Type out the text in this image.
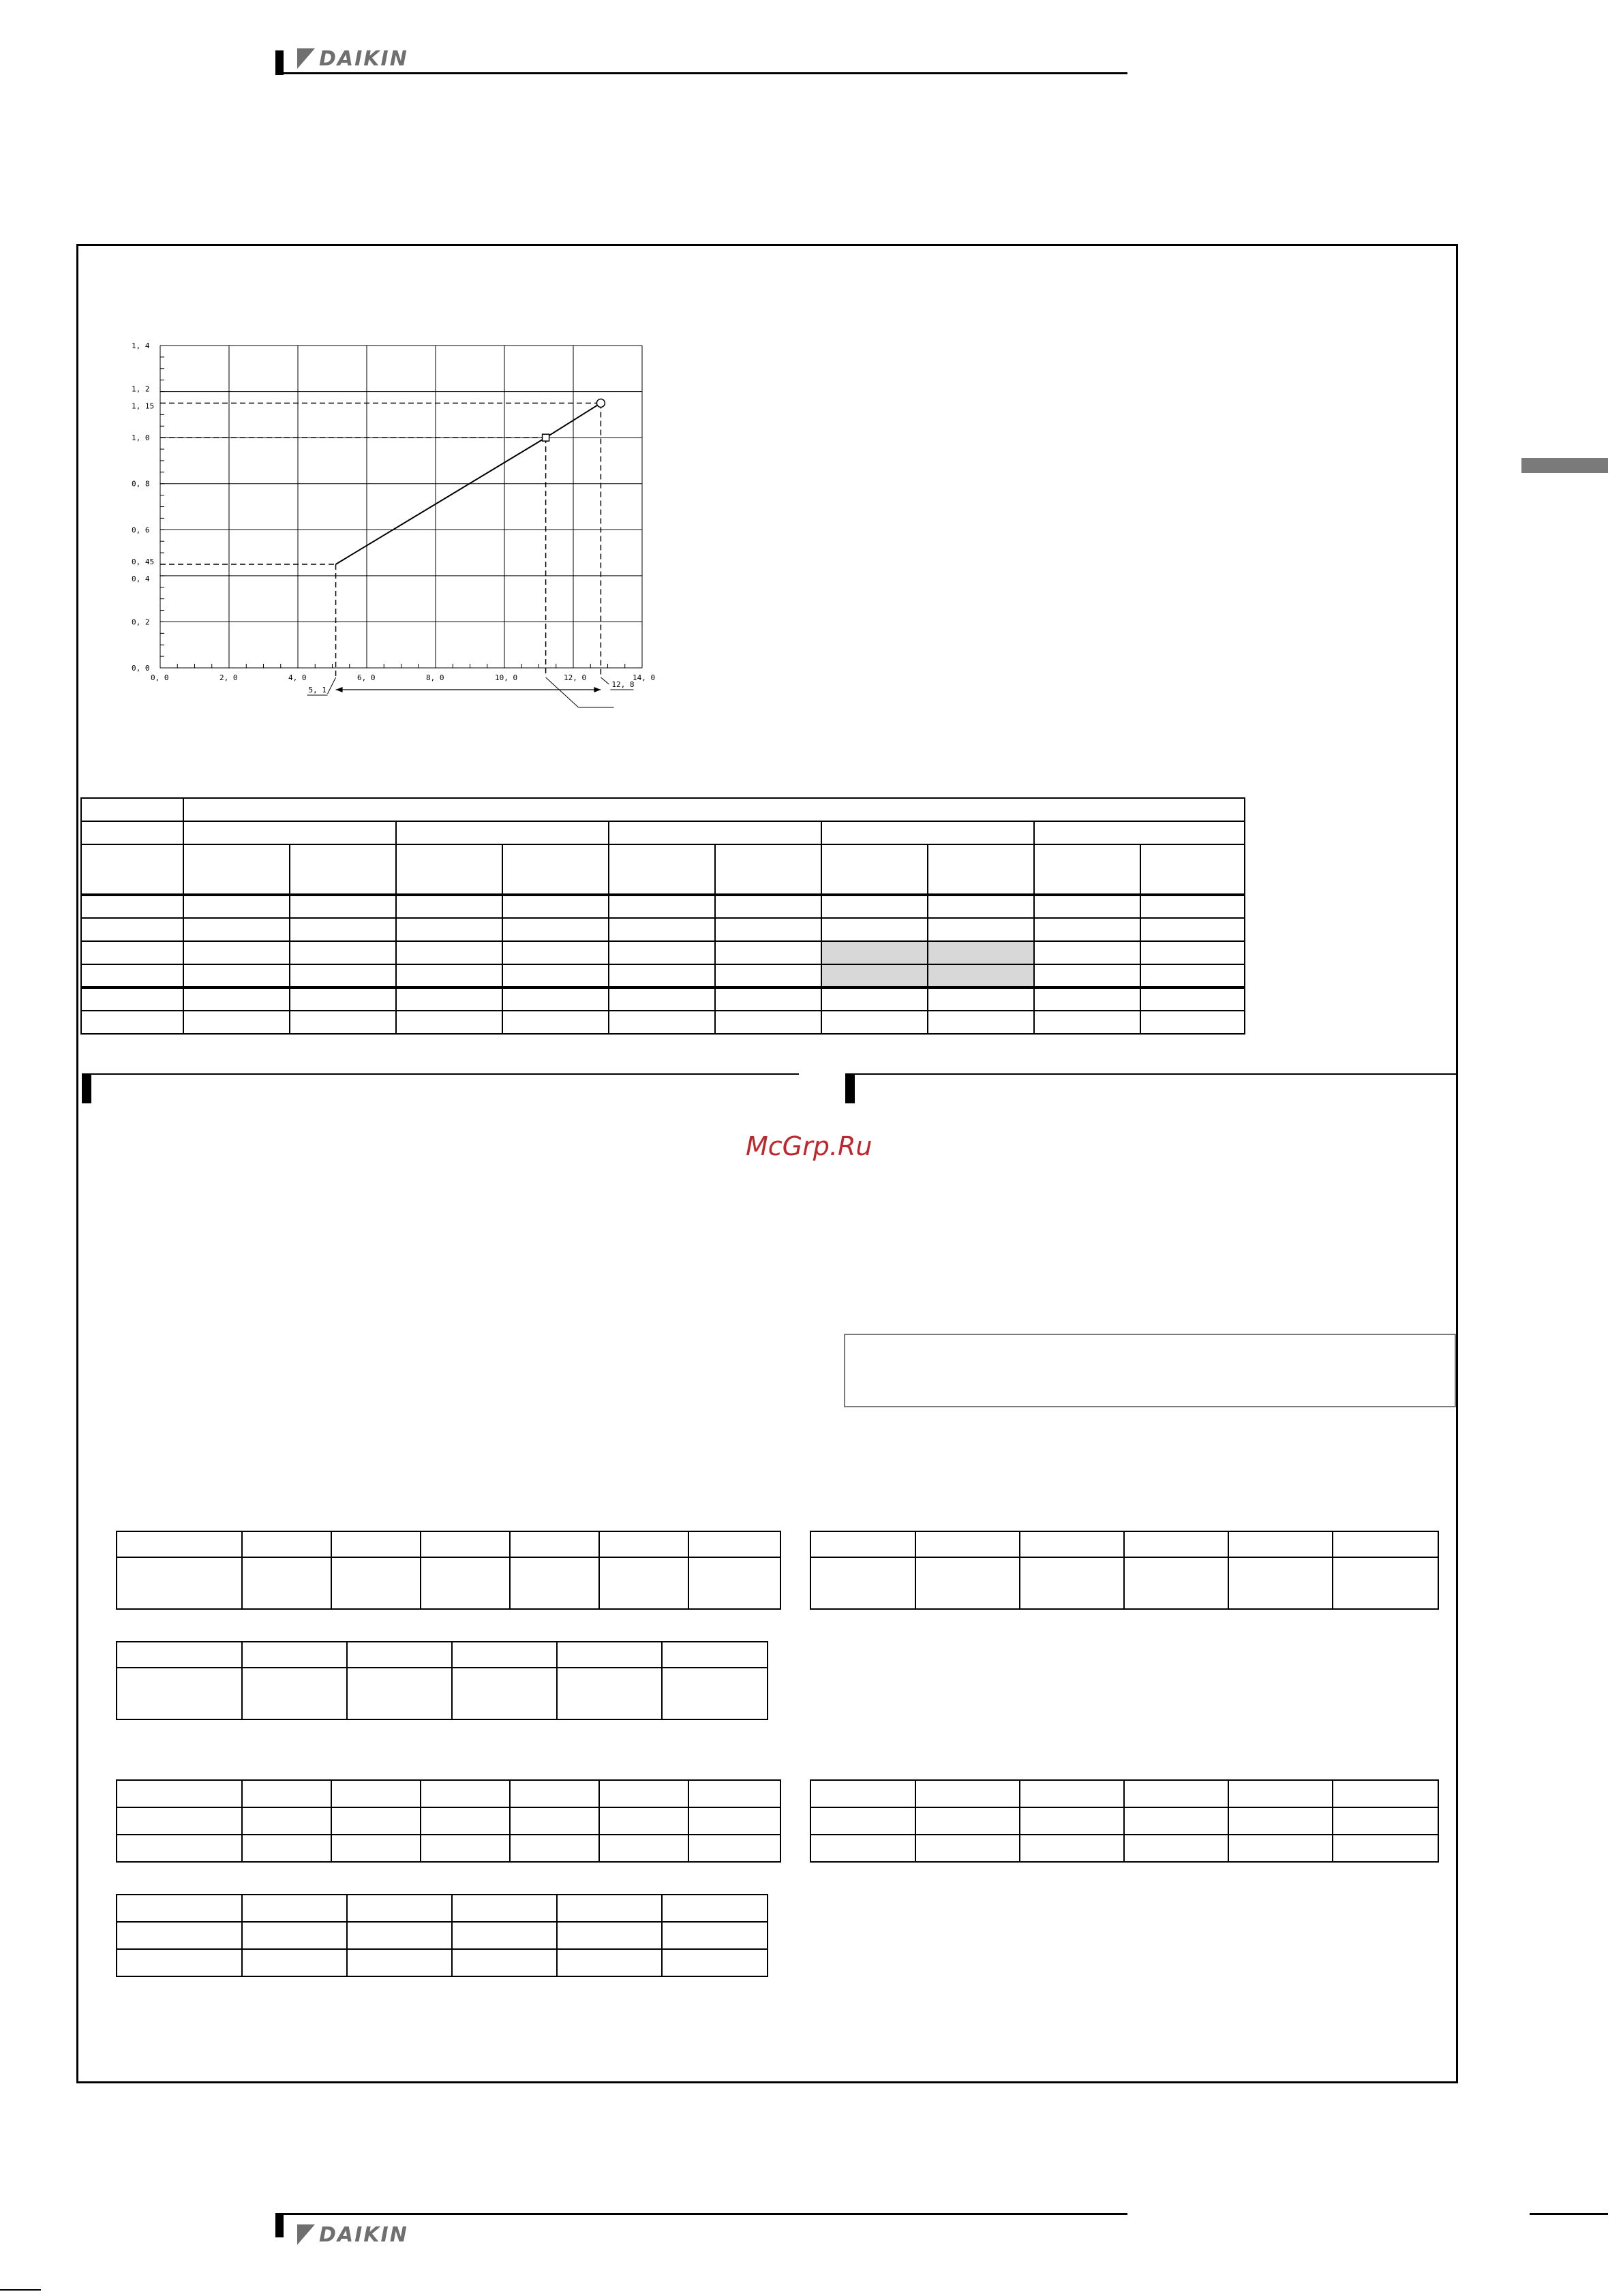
DAIKIN
0, 0	2, 0	4, 0	6, 0	8, 0	10, 0	12, 0	14, 0
0, 0
0, 2
0, 4
0, 45
0, 6
0, 8
1, 0
1, 15
1, 2
1, 4
5, 1
12, 8

McGrp.Ru

DAIKIN
